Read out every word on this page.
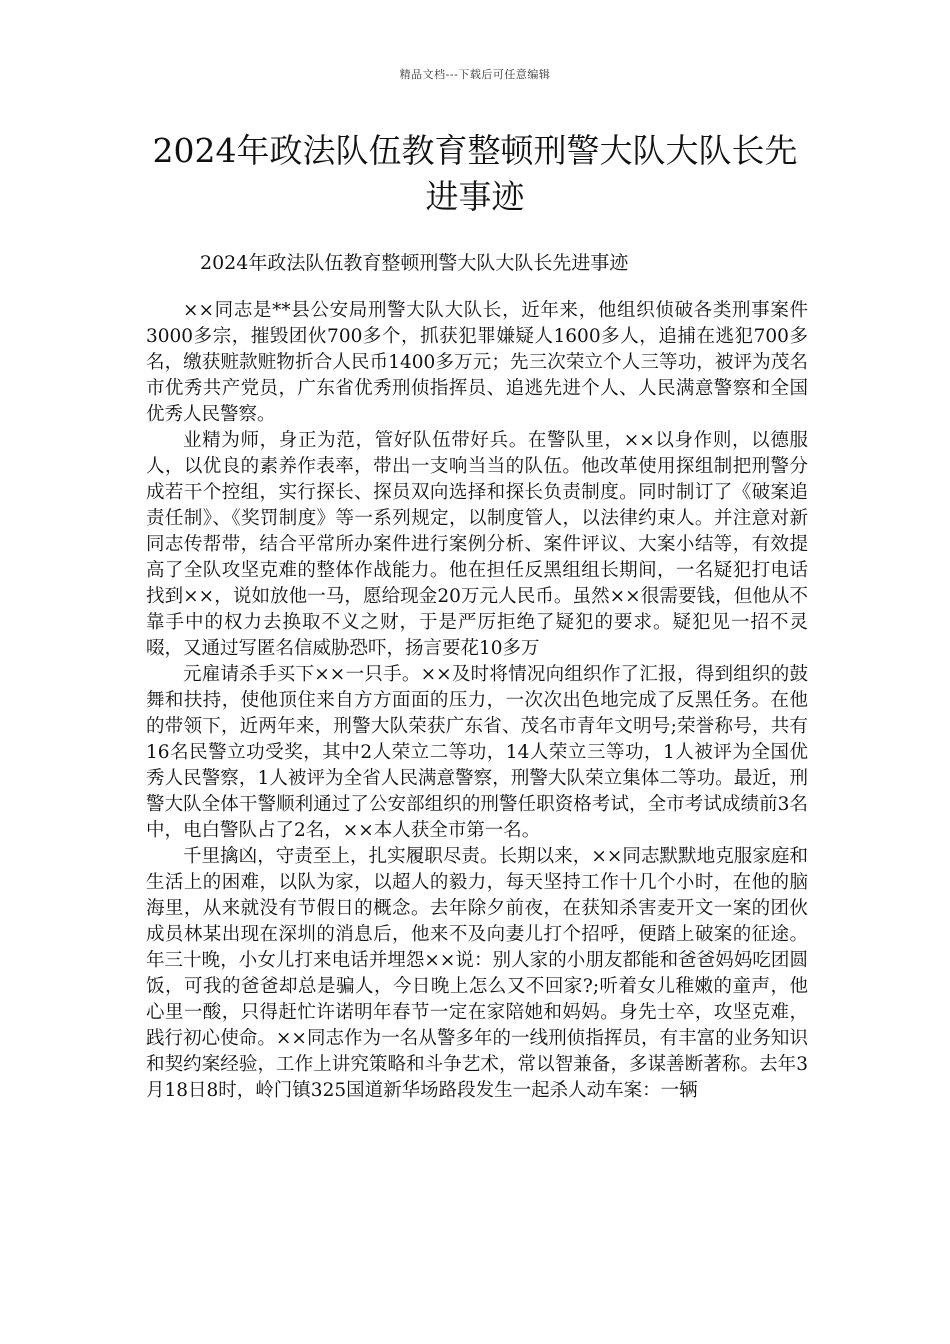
精品文档---下载后可任意编辑
2024年政法队伍教育整顿刑警大队大队长先进事迹

2024年政法队伍教育整顿刑警大队大队长先进事迹

××同志是**县公安局刑警大队大队长，近年来，他组织侦破各类刑事案件3000多宗，摧毁团伙700多个，抓获犯罪嫌疑人1600多人，追捕在逃犯700多名，缴获赃款赃物折合人民币1400多万元；先三次荣立个人三等功，被评为茂名市优秀共产党员，广东省优秀刑侦指挥员、追逃先进个人、人民满意警察和全国优秀人民警察。

业精为师，身正为范，管好队伍带好兵。在警队里，××以身作则，以德服人，以优良的素养作表率，带出一支响当当的队伍。他改革使用探组制把刑警分成若干个控组，实行探长、探员双向选择和探长负责制度。同时制订了《破案追责任制》、《奖罚制度》等一系列规定，以制度管人，以法律约束人。并注意对新同志传帮带，结合平常所办案件进行案例分析、案件评议、大案小结等，有效提高了全队攻坚克难的整体作战能力。他在担任反黑组组长期间，一名疑犯打电话找到××，说如放他一马，愿给现金20万元人民币。虽然××很需要钱，但他从不靠手中的权力去换取不义之财，于是严厉拒绝了疑犯的要求。疑犯见一招不灵啜，又通过写匿名信威胁恐吓，扬言要花10多万

元雇请杀手买下××一只手。××及时将情况向组织作了汇报，得到组织的鼓舞和扶持，使他顶住来自方方面面的压力，一次次出色地完成了反黑任务。在他的带领下，近两年来，刑警大队荣获广东省、茂名市青年文明号;荣誉称号，共有16名民警立功受奖，其中2人荣立二等功，14人荣立三等功，1人被评为全国优秀人民警察，1人被评为全省人民满意警察，刑警大队荣立集体二等功。最近，刑警大队全体干警顺利通过了公安部组织的刑警任职资格考试，全市考试成绩前3名中，电白警队占了2名，××本人获全市第一名。

千里擒凶，守责至上，扎实履职尽责。长期以来，××同志默默地克服家庭和生活上的困难，以队为家，以超人的毅力，每天坚持工作十几个小时，在他的脑海里，从来就没有节假日的概念。去年除夕前夜，在获知杀害麦开文一案的团伙成员林某出现在深圳的消息后，他来不及向妻儿打个招呼，便踏上破案的征途。年三十晚，小女儿打来电话并埋怨××说：别人家的小朋友都能和爸爸妈妈吃团圆饭，可我的爸爸却总是骗人，今日晚上怎么又不回家?;听着女儿稚嫩的童声，他心里一酸，只得赶忙许诺明年春节一定在家陪她和妈妈。身先士卒，攻坚克难，践行初心使命。××同志作为一名从警多年的一线刑侦指挥员，有丰富的业务知识和契约案经验，工作上讲究策略和斗争艺术，常以智兼备，多谋善断著称。去年3月18日8时，岭门镇325国道新华场路段发生一起杀人动车案：一辆
